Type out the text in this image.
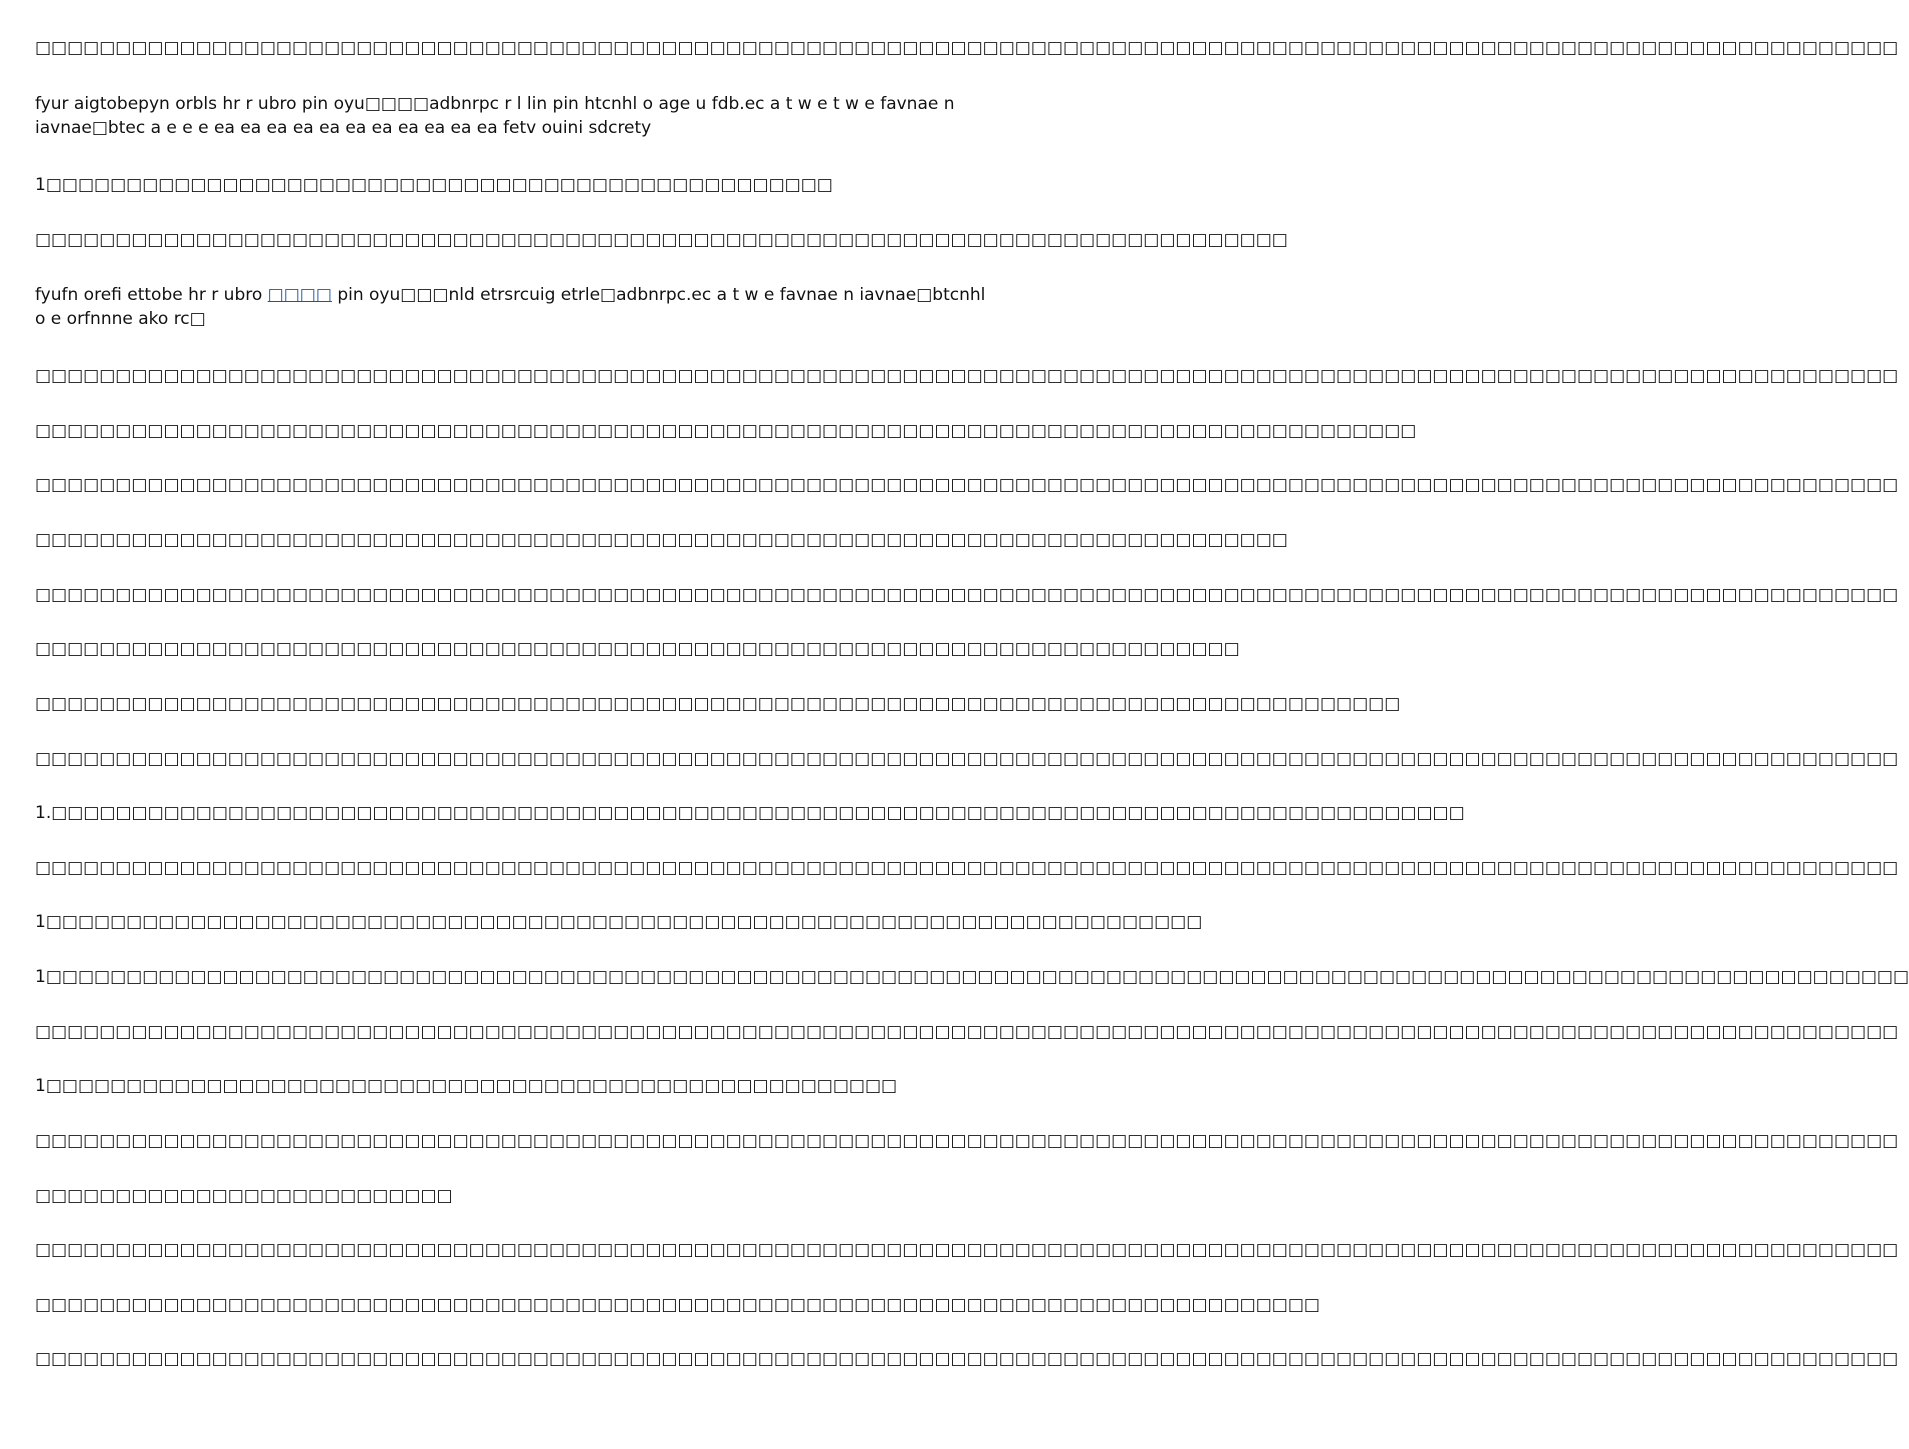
□□□□□□□□□□□□□□□□□□□□□□□□□□□□□□□□□□□□□□□□□□□□□□□□□□□□□□□□□□□□□□□□□□□□□□□□□□□□□□□□□□□□□□□□□□□□□□□□□□□□□□□□□□□□□□□□□□□□

fyur aigtobepyn orbls hr r ubro pin oyu□□□□adbnrpc r l lin pin htcnhl o age u fdb.ec a t w e t w e favnae n iavnae□btec a e e e ea ea ea ea ea ea ea ea ea ea ea fetv ouini sdcrety

1□□□□□□□□□□□□□□□□□□□□□□□□□□□□□□□□□□□□□□□□□□□□□□□□□

□□□□□□□□□□□□□□□□□□□□□□□□□□□□□□□□□□□□□□□□□□□□□□□□□□□□□□□□□□□□□□□□□□□□□□□□□□□□□□

fyufn orefi ettobe hr r ubro □□□□ pin oyu□□□nld etrsrcuig etrle□adbnrpc.ec a t w e favnae n iavnae□btcnhl o e orfnnne ako rc□

□□□□□□□□□□□□□□□□□□□□□□□□□□□□□□□□□□□□□□□□□□□□□□□□□□□□□□□□□□□□□□□□□□□□□□□□□□□□□□□□□□□□□□□□□□□□□□□□□□□□□□□□□□□□□□□□□□□□

□□□□□□□□□□□□□□□□□□□□□□□□□□□□□□□□□□□□□□□□□□□□□□□□□□□□□□□□□□□□□□□□□□□□□□□□□□□□□□□□□□□□□□

□□□□□□□□□□□□□□□□□□□□□□□□□□□□□□□□□□□□□□□□□□□□□□□□□□□□□□□□□□□□□□□□□□□□□□□□□□□□□□□□□□□□□□□□□□□□□□□□□□□□□□□□□□□□□□□□□□□□

□□□□□□□□□□□□□□□□□□□□□□□□□□□□□□□□□□□□□□□□□□□□□□□□□□□□□□□□□□□□□□□□□□□□□□□□□□□□□□

□□□□□□□□□□□□□□□□□□□□□□□□□□□□□□□□□□□□□□□□□□□□□□□□□□□□□□□□□□□□□□□□□□□□□□□□□□□□□□□□□□□□□□□□□□□□□□□□□□□□□□□□□□□□□□□□□□□□

□□□□□□□□□□□□□□□□□□□□□□□□□□□□□□□□□□□□□□□□□□□□□□□□□□□□□□□□□□□□□□□□□□□□□□□□□□□

□□□□□□□□□□□□□□□□□□□□□□□□□□□□□□□□□□□□□□□□□□□□□□□□□□□□□□□□□□□□□□□□□□□□□□□□□□□□□□□□□□□□□

□□□□□□□□□□□□□□□□□□□□□□□□□□□□□□□□□□□□□□□□□□□□□□□□□□□□□□□□□□□□□□□□□□□□□□□□□□□□□□□□□□□□□□□□□□□□□□□□□□□□□□□□□□□□□□□□□□□□

1.□□□□□□□□□□□□□□□□□□□□□□□□□□□□□□□□□□□□□□□□□□□□□□□□□□□□□□□□□□□□□□□□□□□□□□□□□□□□□□□□□□□□□□□□

□□□□□□□□□□□□□□□□□□□□□□□□□□□□□□□□□□□□□□□□□□□□□□□□□□□□□□□□□□□□□□□□□□□□□□□□□□□□□□□□□□□□□□□□□□□□□□□□□□□□□□□□□□□□□□□□□□□□

1□□□□□□□□□□□□□□□□□□□□□□□□□□□□□□□□□□□□□□□□□□□□□□□□□□□□□□□□□□□□□□□□□□□□□□□□

1□□□□□□□□□□□□□□□□□□□□□□□□□□□□□□□□□□□□□□□□□□□□□□□□□□□□□□□□□□□□□□□□□□□□□□□□□□□□□□□□□□□□□□□□□□□□□□□□□□□□□□□□□□□□□□□□□□□□

□□□□□□□□□□□□□□□□□□□□□□□□□□□□□□□□□□□□□□□□□□□□□□□□□□□□□□□□□□□□□□□□□□□□□□□□□□□□□□□□□□□□□□□□□□□□□□□□□□□□□□□□□□□□□□□□□□□□

1□□□□□□□□□□□□□□□□□□□□□□□□□□□□□□□□□□□□□□□□□□□□□□□□□□□□□

□□□□□□□□□□□□□□□□□□□□□□□□□□□□□□□□□□□□□□□□□□□□□□□□□□□□□□□□□□□□□□□□□□□□□□□□□□□□□□□□□□□□□□□□□□□□□□□□□□□□□□□□□□□□□□□□□□□□

□□□□□□□□□□□□□□□□□□□□□□□□□□

□□□□□□□□□□□□□□□□□□□□□□□□□□□□□□□□□□□□□□□□□□□□□□□□□□□□□□□□□□□□□□□□□□□□□□□□□□□□□□□□□□□□□□□□□□□□□□□□□□□□□□□□□□□□□□□□□□□□

□□□□□□□□□□□□□□□□□□□□□□□□□□□□□□□□□□□□□□□□□□□□□□□□□□□□□□□□□□□□□□□□□□□□□□□□□□□□□□□□

□□□□□□□□□□□□□□□□□□□□□□□□□□□□□□□□□□□□□□□□□□□□□□□□□□□□□□□□□□□□□□□□□□□□□□□□□□□□□□□□□□□□□□□□□□□□□□□□□□□□□□□□□□□□□□□□□□□□
